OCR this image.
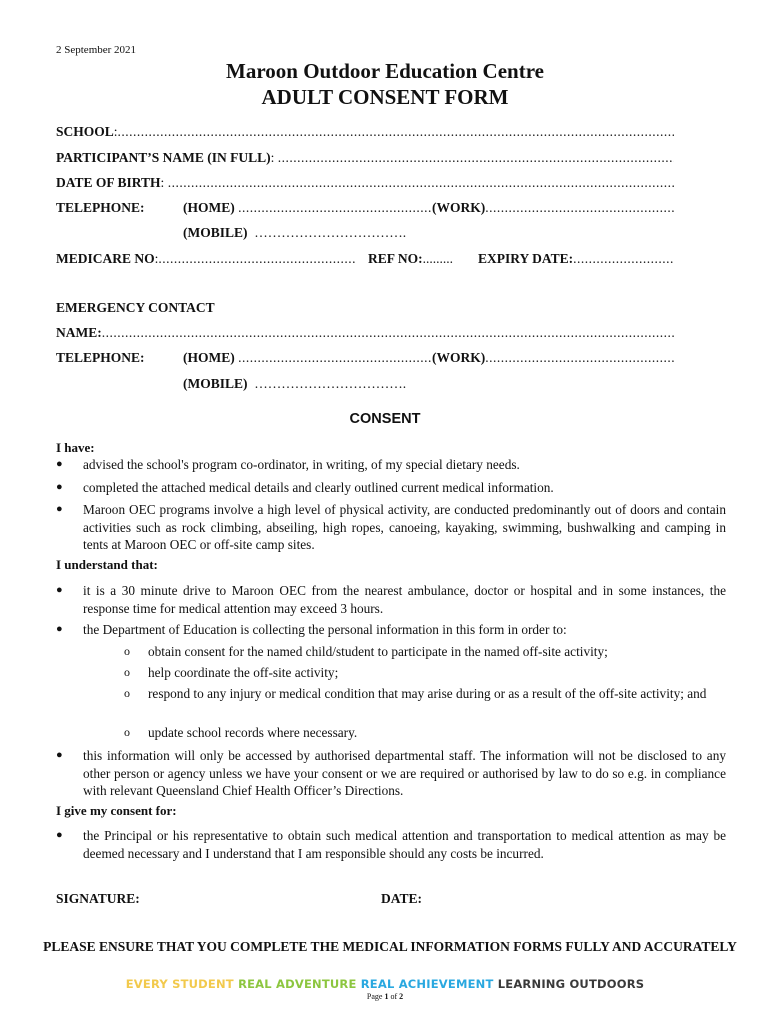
2 September 2021
Maroon Outdoor Education Centre
ADULT CONSENT FORM
SCHOOL :
.....
PARTICIPANT’S NAME (IN FULL) :

.....
DATE OF BIRTH :

.....
TELEPHONE:	(HOME)
.....	(WORK)
.....
(MOBILE) …………………………….
MEDICARE NO : .....	REF NO:......... EXPIRY DATE:
.....
EMERGENCY CONTACT
NAME:
.....
TELEPHONE:	(HOME)
.....	(WORK)
.....
(MOBILE) …………………………….
CONSENT
I have:
●	advised the school's program co-ordinator, in writing, of my special dietary needs.
●	completed the attached medical details and clearly outlined current medical information.
●	Maroon OEC programs involve a high level of physical activity, are conducted predominantly out of doors and contain activities such as rock climbing, abseiling, high ropes, canoeing, kayaking, swimming, bushwalking and camping in tents at Maroon OEC or off-site camp sites.
I understand that:
●	it is a 30 minute drive to Maroon OEC from the nearest ambulance, doctor or hospital and in some instances, the response time for medical attention may exceed 3 hours.
●	the Department of Education is collecting the personal information in this form in order to:
o obtain consent for the named child/student to participate in the named off-site activity;
o help coordinate the off-site activity;
o respond to any injury or medical condition that may arise during or as a result of the off-site activity; and
o update school records where necessary.
●	this information will only be accessed by authorised departmental staff. The information will not be disclosed to any other person or agency unless we have your consent or we are required or authorised by law to do so e.g. in compliance with relevant Queensland Chief Health Officer’s Directions.
I give my consent for:
●	the Principal or his representative to obtain such medical attention and transportation to medical attention as may be deemed necessary and I understand that I am responsible should any costs be incurred.
SIGNATURE:	DATE:
PLEASE ENSURE THAT YOU COMPLETE THE MEDICAL INFORMATION FORMS FULLY AND ACCURATELY
EVERY STUDENT REAL ADVENTURE REAL ACHIEVEMENT LEARNING OUTDOORS
Page 1 of 2
